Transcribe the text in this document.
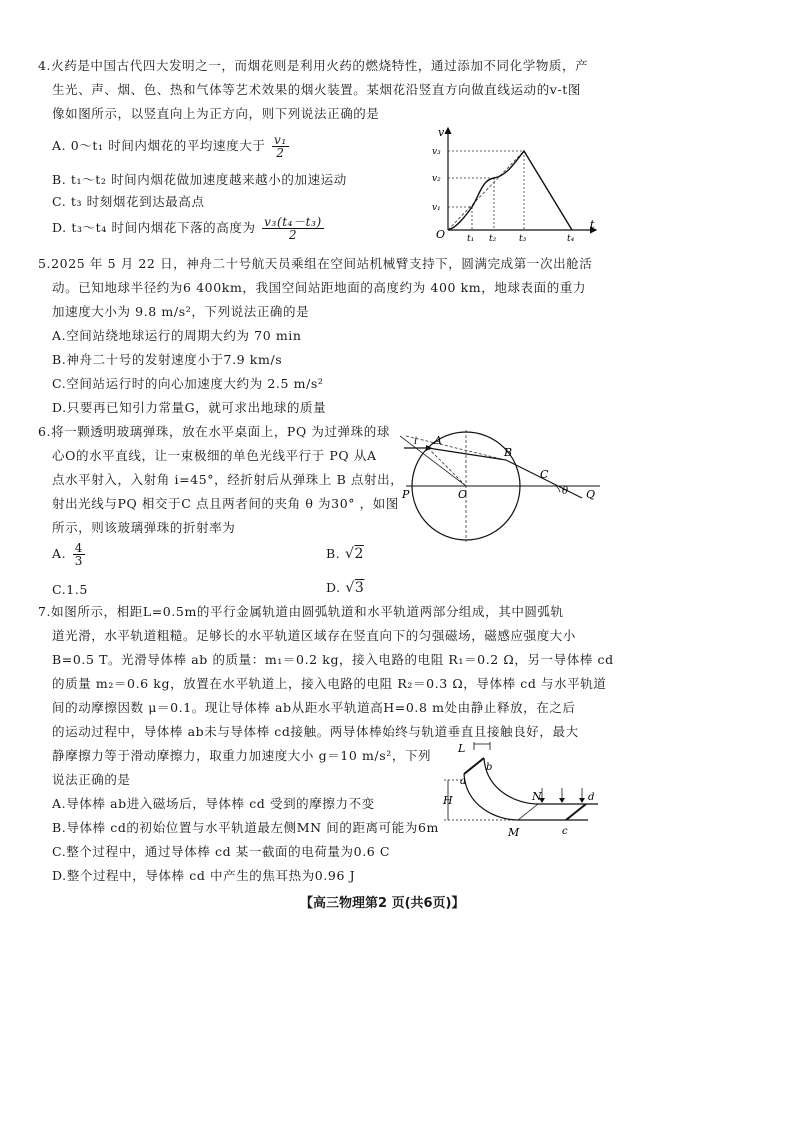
4.火药是中国古代四大发明之一，而烟花则是利用火药的燃烧特性，通过添加不同化学物质，产
生光、声、烟、色、热和气体等艺术效果的烟火装置。某烟花沿竖直方向做直线运动的v-t图
像如图所示，以竖直向上为正方向，则下列说法正确的是
A. 0～t₁ 时间内烟花的平均速度大于 $\frac{\text{v₁}}{2}$
B. t₁～t₂ 时间内烟花做加速度越来越小的加速运动
C. t₃ 时刻烟花到达最高点
D. t₃～t₄ 时间内烟花下落的高度为 $\frac{\text{v₃(t₄－t₃)}}{2}$
v
t
O
v₁
v₂
v₃
t₁ t₂	t₃	t₄
5.2025 年 5 月 22 日，神舟二十号航天员乘组在空间站机械臂支持下，圆满完成第一次出舱活
动。已知地球半径约为6 400km，我国空间站距地面的高度约为 400 km，地球表面的重力
加速度大小为 9.8 m/s²，下列说法正确的是
A.空间站绕地球运行的周期大约为 70 min
B.神舟二十号的发射速度小于7.9 km/s
C.空间站运行时的向心加速度大约为 2.5 m/s²
D.只要再已知引力常量G，就可求出地球的质量
6.将一颗透明玻璃弹珠，放在水平桌面上，PQ 为过弹珠的球
心O的水平直线，让一束极细的单色光线平行于 PQ 从A
点水平射入，入射角 i=45°，经折射后从弹珠上 B 点射出，
射出光线与PQ 相交于C 点且两者间的夹角 θ 为30° ，如图
所示，则该玻璃弹珠的折射率为
A. $\frac{4}{3}$	B. √2
C.1.5	D. √3
A
B
C
O
P	Q
i
θ
7.如图所示，相距L=0.5m的平行金属轨道由圆弧轨道和水平轨道两部分组成，其中圆弧轨
道光滑，水平轨道粗糙。足够长的水平轨道区域存在竖直向下的匀强磁场，磁感应强度大小
B=0.5 T。光滑导体棒 ab 的质量：m₁＝0.2 kg，接入电路的电阻 R₁＝0.2 Ω，另一导体棒 cd
的质量 m₂＝0.6 kg，放置在水平轨道上，接入电路的电阻 R₂＝0.3 Ω，导体棒 cd 与水平轨道
间的动摩擦因数 μ＝0.1。现让导体棒 ab从距水平轨道高H=0.8 m处由静止释放，在之后
的运动过程中，导体棒 ab未与导体棒 cd接触。两导体棒始终与轨道垂直且接触良好，最大
静摩擦力等于滑动摩擦力，取重力加速度大小 g＝10 m/s²，下列
说法正确的是
A.导体棒 ab进入磁场后，导体棒 cd 受到的摩擦力不变
B.导体棒 cd的初始位置与水平轨道最左侧MN 间的距离可能为6m
C.整个过程中，通过导体棒 cd 某一截面的电荷量为0.6 C
D.整个过程中，导体棒 cd 中产生的焦耳热为0.96 J
L
H
a
b
c
d
M
N
【高三物理第2 页(共6页)】
